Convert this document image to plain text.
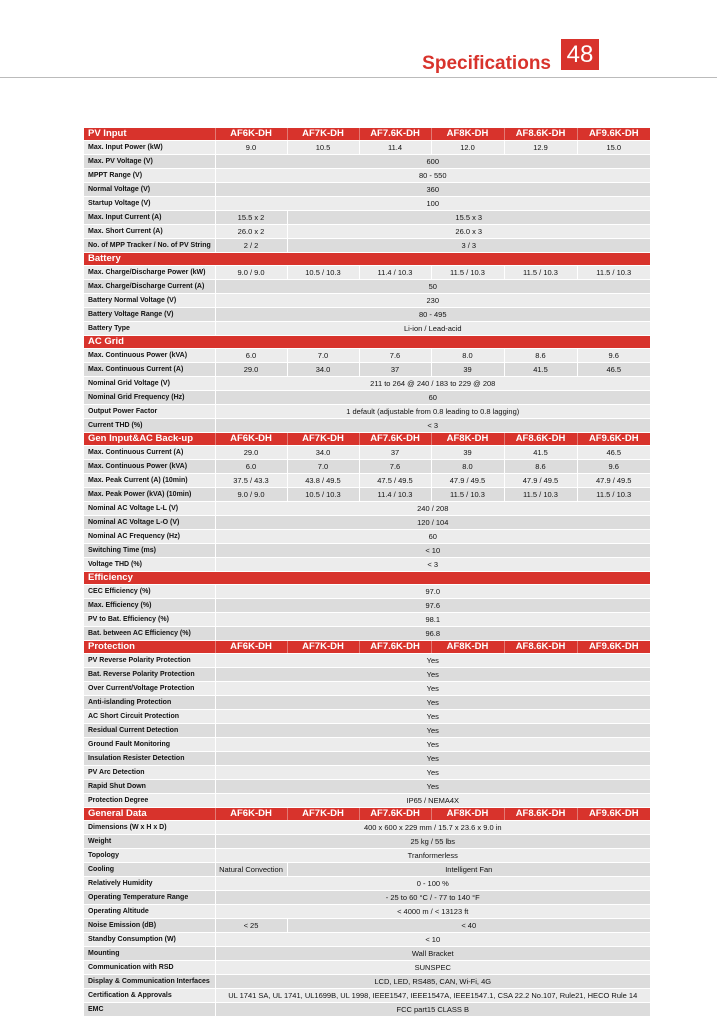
Specifications 48
PV Input	AF6K-DH	AF7K-DH	AF7.6K-DH	AF8K-DH	AF8.6K-DH	AF9.6K-DH
Max. Input Power (kW)	9.0	10.5	11.4	12.0	12.9	15.0
Max. PV Voltage (V)	600					
MPPT Range (V)	80 - 550					
Normal Voltage (V)	360					
Startup Voltage (V)	100					
Max. Input Current (A)	15.5 x 2	15.5 x 3				
Max. Short Current (A)	26.0 x 2	26.0 x 3				
No. of MPP Tracker / No. of PV String	2 / 2	3 / 3				
Battery						
Max. Charge/Discharge Power (kW)	9.0 / 9.0	10.5 / 10.3	11.4 / 10.3	11.5 / 10.3	11.5 / 10.3	11.5 / 10.3
Max. Charge/Discharge Current (A)	50					
Battery Normal Voltage (V)	230					
Battery Voltage Range (V)	80 - 495					
Battery Type	Li-ion / Lead-acid					
AC Grid						
Max. Continuous Power (kVA)	6.0	7.0	7.6	8.0	8.6	9.6
Max. Continuous Current (A)	29.0	34.0	37	39	41.5	46.5
Nominal Grid Voltage (V)	211 to 264 @ 240 / 183 to 229 @ 208					
Nominal Grid Frequency (Hz)	60					
Output Power Factor	1 default (adjustable from 0.8 leading to 0.8 lagging)					
Current THD (%)	< 3					
Gen Input&AC Back-up	AF6K-DH	AF7K-DH	AF7.6K-DH	AF8K-DH	AF8.6K-DH	AF9.6K-DH
Max. Continuous Current (A)	29.0	34.0	37	39	41.5	46.5
Max. Continuous Power (kVA)	6.0	7.0	7.6	8.0	8.6	9.6
Max. Peak Current (A) (10min)	37.5 / 43.3	43.8 / 49.5	47.5 / 49.5	47.9 / 49.5	47.9 / 49.5	47.9 / 49.5
Max. Peak Power (kVA) (10min)	9.0 / 9.0	10.5 / 10.3	11.4 / 10.3	11.5 / 10.3	11.5 / 10.3	11.5 / 10.3
Nominal AC Voltage L-L (V)	240 / 208					
Nominal AC Voltage L-O (V)	120 / 104					
Nominal AC Frequency (Hz)	60					
Switching Time (ms)	< 10					
Voltage THD (%)	< 3					
Efficiency						
CEC Efficiency (%)	97.0					
Max. Efficiency (%)	97.6					
PV to Bat. Efficiency (%)	98.1					
Bat. between AC Efficiency (%)	96.8					
Protection	AF6K-DH	AF7K-DH	AF7.6K-DH	AF8K-DH	AF8.6K-DH	AF9.6K-DH
PV Reverse Polarity Protection	Yes					
Bat. Reverse Polarity Protection	Yes					
Over Current/Voltage Protection	Yes					
Anti-islanding Protection	Yes					
AC Short Circuit Protection	Yes					
Residual Current Detection	Yes					
Ground Fault Monitoring	Yes					
Insulation Resister Detection	Yes					
PV Arc Detection	Yes					
Rapid Shut Down	Yes					
Protection Degree	IP65 / NEMA4X					
General Data	AF6K-DH	AF7K-DH	AF7.6K-DH	AF8K-DH	AF8.6K-DH	AF9.6K-DH
Dimensions (W x H x D)	400 x 600 x 229 mm / 15.7 x 23.6 x 9.0 in					
Weight	25 kg / 55 lbs					
Topology	Tranformerless					
Cooling	Natural Convection	Intelligent Fan				
Relatively Humidity	0 - 100 %					
Operating Temperature Range	- 25 to 60 °C / - 77 to 140 °F					
Operating Altitude	< 4000 m / < 13123 ft					
Noise Emission (dB)	< 25	< 40				
Standby Consumption (W)	< 10					
Mounting	Wall Bracket					
Communication with RSD	SUNSPEC					
Display & Communication Interfaces	LCD, LED, RS485, CAN, Wi-Fi, 4G					
Certification & Approvals	UL 1741 SA, UL 1741, UL1699B, UL 1998, IEEE1547, IEEE1547A, IEEE1547.1, CSA 22.2 No.107, Rule21, HECO Rule 14					
EMC	FCC part15 CLASS B					
